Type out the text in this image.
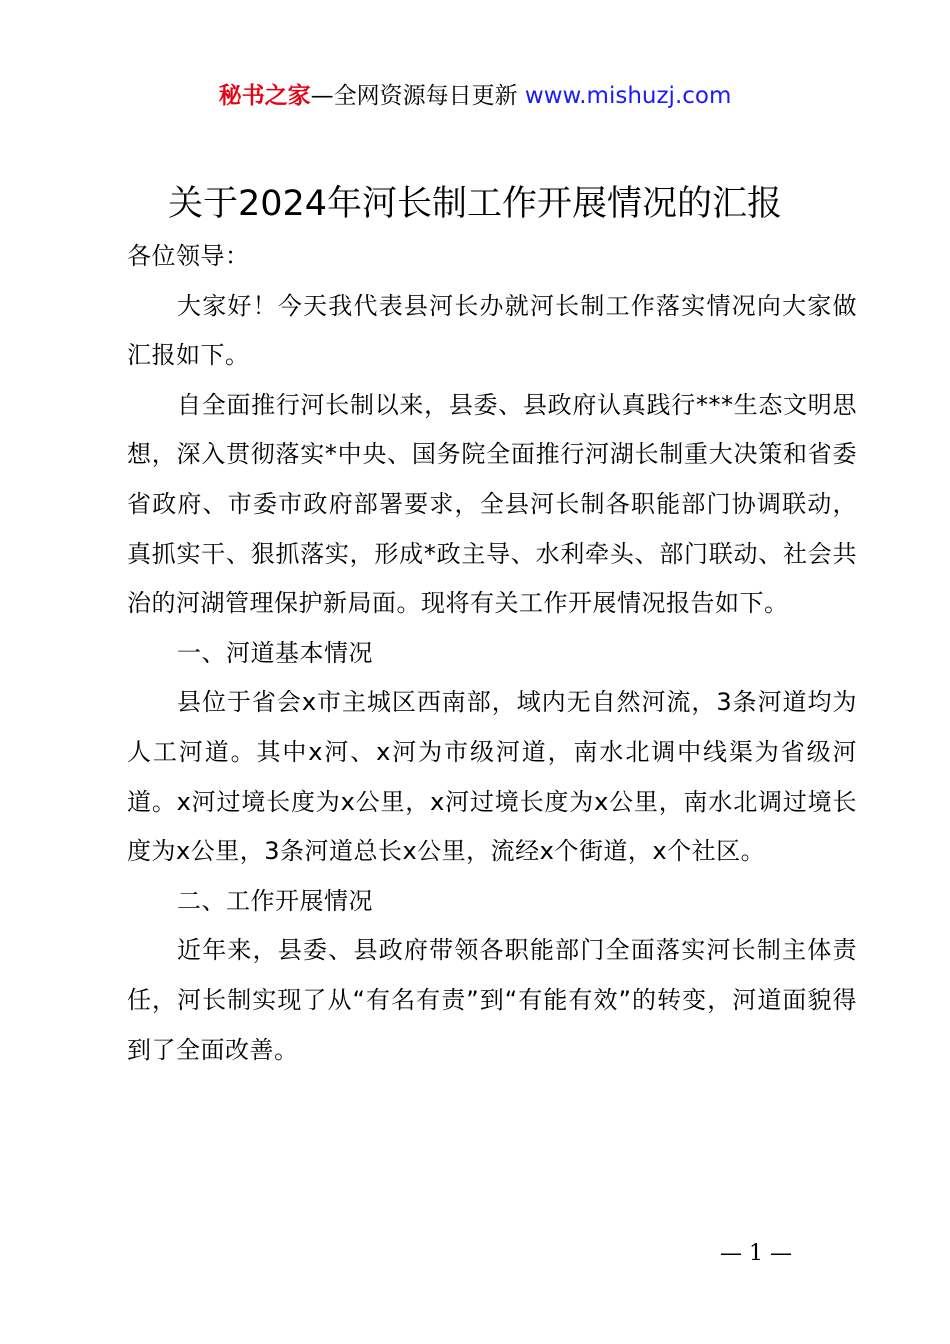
秘书之家—全网资源每日更新 www.mishuzj.com
关于2024年河长制工作开展情况的汇报

各位领导：

大家好！今天我代表县河长办就河长制工作落实情况向大家做汇报如下。

自全面推行河长制以来，县委、县政府认真践行***生态文明思想，深入贯彻落实*中央、国务院全面推行河湖长制重大决策和省委省政府、市委市政府部署要求，全县河长制各职能部门协调联动，真抓实干、狠抓落实，形成*政主导、水利牵头、部门联动、社会共治的河湖管理保护新局面。现将有关工作开展情况报告如下。

一、河道基本情况

县位于省会x市主城区西南部，域内无自然河流，3条河道均为人工河道。其中x河、x河为市级河道，南水北调中线渠为省级河道。x河过境长度为x公里，x河过境长度为x公里，南水北调过境长度为x公里，3条河道总长x公里，流经x个街道，x个社区。

二、工作开展情况

近年来，县委、县政府带领各职能部门全面落实河长制主体责任，河长制实现了从“有名有责”到“有能有效”的转变，河道面貌得到了全面改善。

— 1 —
